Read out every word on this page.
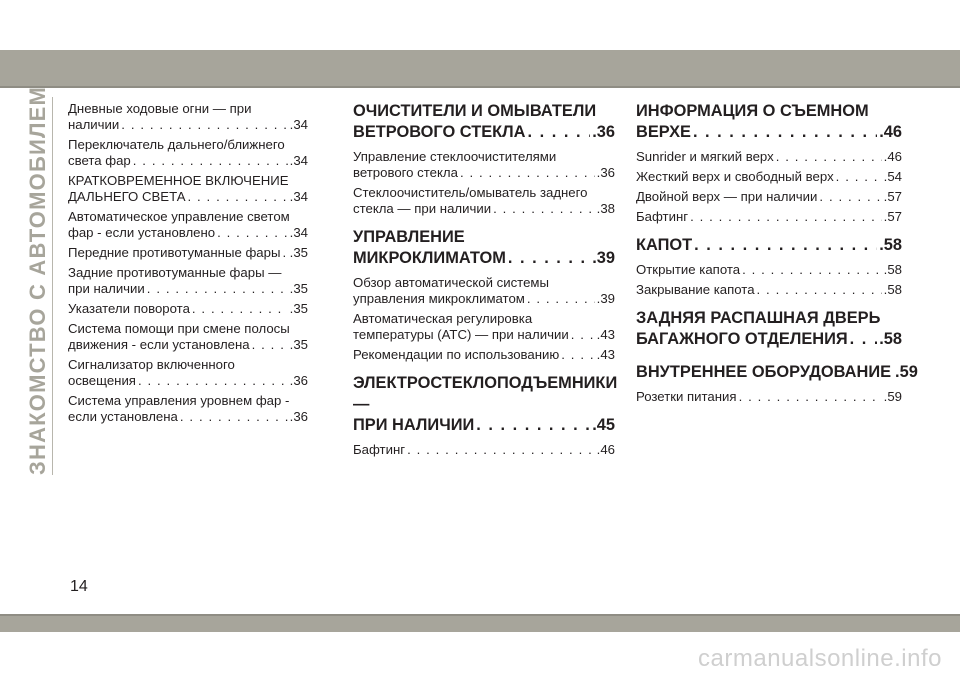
ЗНАКОМСТВО С АВТОМОБИЛЕМ Дневные ходовые огни — при
наличии . . .	.34
Переключатель дальнего/ближнего
света фар . . .	.34
КРАТКОВРЕМЕННОЕ ВКЛЮЧЕНИЕ
ДАЛЬНЕГО СВЕТА . . .	.34
Автоматическое управление светом
фар - если установлено . . .	.34
Передние противотуманные фары . . . .35
Задние противотуманные фары —
при наличии . . .	.35
Указатели поворота . . .	.35
Система помощи при смене полосы
движения - если установлена . . .	.35
Сигнализатор включенного
освещения . . .	.36
Система управления уровнем фар -
если установлена . . .	.36
ОЧИСТИТЕЛИ И ОМЫВАТЕЛИ
ВЕТРОВОГО СТЕКЛА . . .	.36
Управление стеклоочистителями
ветрового стекла . . .	.36
Стеклоочиститель/омыватель заднего
стекла — при наличии . . .	.38
УПРАВЛЕНИЕ
МИКРОКЛИМАТОМ . . .	.39
Обзор автоматической системы
управления микроклиматом . . .	.39
Автоматическая регулировка
температуры (АТС) — при наличии . . . .43
Рекомендации по использованию . . .	.43
ЭЛЕКТРОСТЕКЛОПОДЪЕМНИКИ —
ПРИ НАЛИЧИИ . . .	.45
Бафтинг . . .	.46
ИНФОРМАЦИЯ О СЪЕМНОМ
ВЕРХЕ . . .	.46
Sunrider и мягкий верх . . .	.46
Жесткий верх и свободный верх . . .	.54
Двойной верх — при наличии . . .	.57
Бафтинг . . .	.57
КАПОТ . . .	.58
Открытие капота . . .	.58
Закрывание капота . . .	.58
ЗАДНЯЯ РАСПАШНАЯ ДВЕРЬ
БАГАЖНОГО ОТДЕЛЕНИЯ . . . .58
ВНУТРЕННЕЕ ОБОРУДОВАНИЕ .59
Розетки питания . . .	.59
14
carmanualsonline.info
